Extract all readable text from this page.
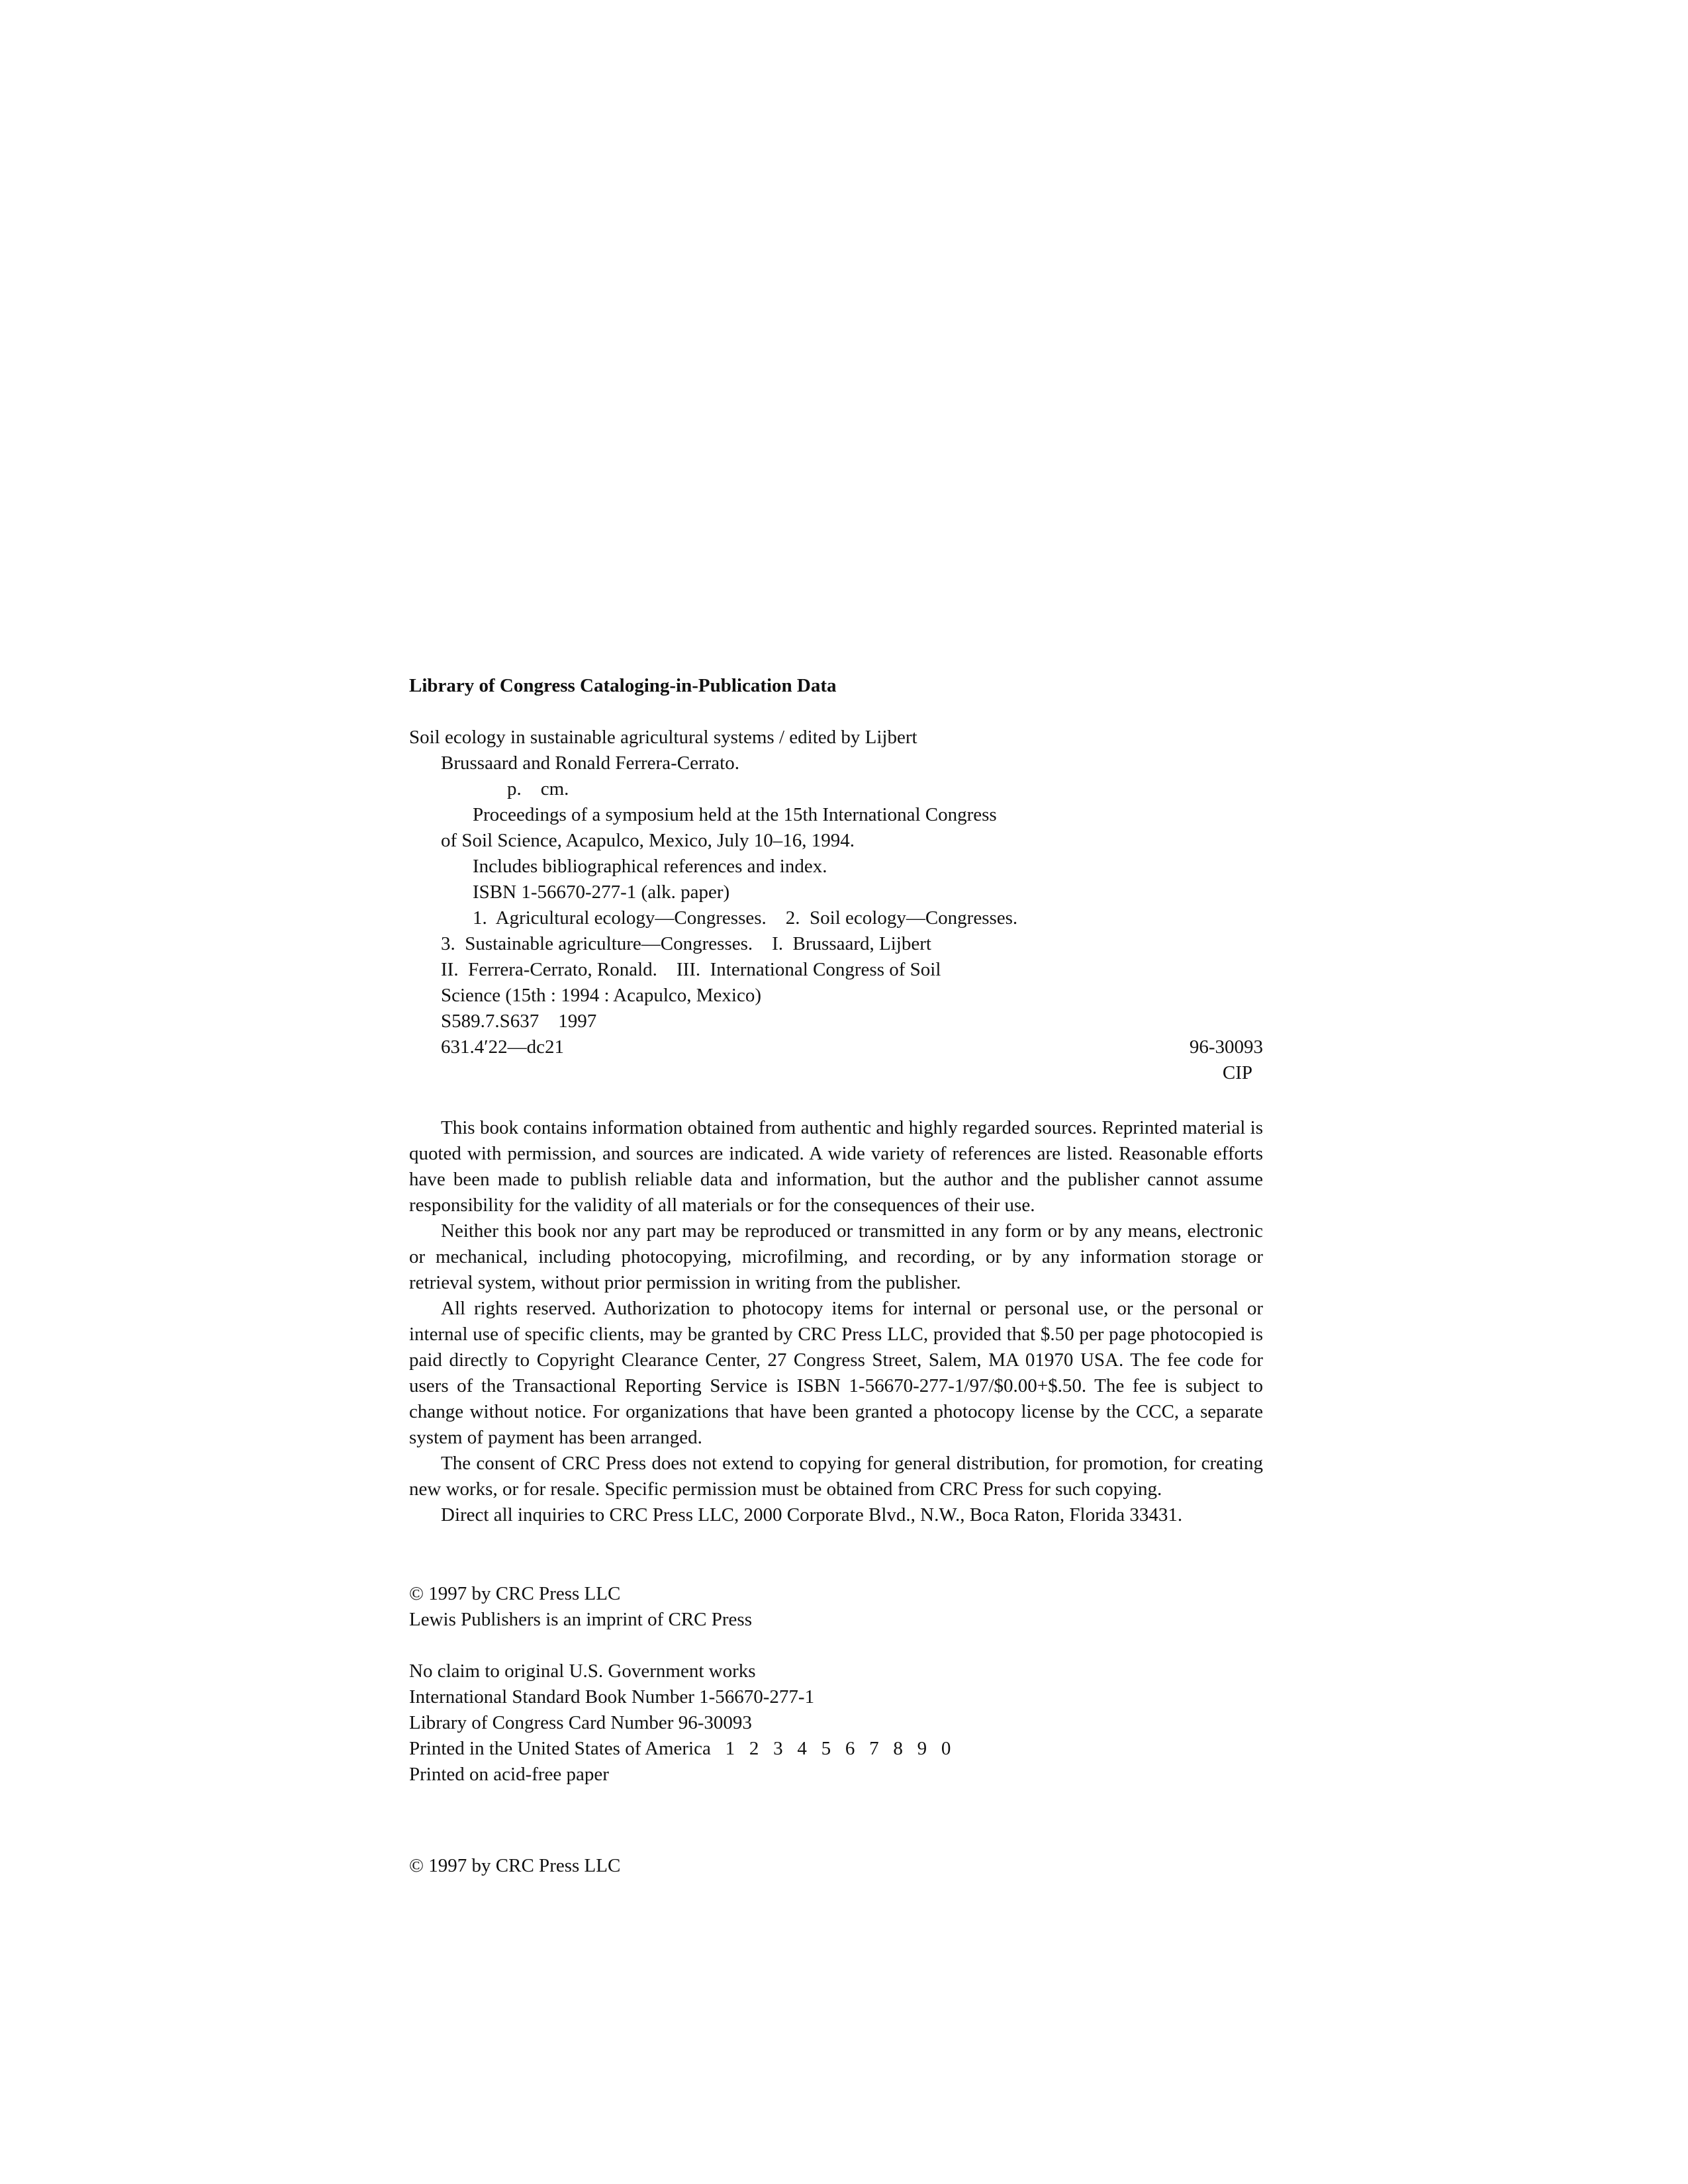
Library of Congress Cataloging-in-Publication Data
Soil ecology in sustainable agricultural systems / edited by Lijbert
Brussaard and Ronald Ferrera-Cerrato.
p.    cm.
Proceedings of a symposium held at the 15th International Congress
of Soil Science, Acapulco, Mexico, July 10–16, 1994.
Includes bibliographical references and index.
ISBN 1-56670-277-1 (alk. paper)
1.  Agricultural ecology—Congresses.    2.  Soil ecology—Congresses.
3.  Sustainable agriculture—Congresses.    I.  Brussaard, Lijbert
II.  Ferrera-Cerrato, Ronald.    III.  International Congress of Soil
Science (15th : 1994 : Acapulco, Mexico)
S589.7.S637    1997
631.4′22—dc21	96-30093
CIP

This book contains information obtained from authentic and highly regarded sources. Reprinted material is quoted with permission, and sources are indicated. A wide variety of references are listed. Reasonable efforts have been made to publish reliable data and information, but the author and the publisher cannot assume responsibility for the validity of all materials or for the consequences of their use.

Neither this book nor any part may be reproduced or transmitted in any form or by any means, electronic or mechanical, including photocopying, microfilming, and recording, or by any information storage or retrieval system, without prior permission in writing from the publisher.

All rights reserved. Authorization to photocopy items for internal or personal use, or the personal or internal use of specific clients, may be granted by CRC Press LLC, provided that $.50 per page photocopied is paid directly to Copyright Clearance Center, 27 Congress Street, Salem, MA 01970 USA. The fee code for users of the Transactional Reporting Service is ISBN 1-56670-277-1/97/$0.00+$.50. The fee is subject to change without notice. For organizations that have been granted a photocopy license by the CCC, a separate system of payment has been arranged.

The consent of CRC Press does not extend to copying for general distribution, for promotion, for creating new works, or for resale. Specific permission must be obtained from CRC Press for such copying.

Direct all inquiries to CRC Press LLC, 2000 Corporate Blvd., N.W., Boca Raton, Florida 33431.

© 1997 by CRC Press LLC
Lewis Publishers is an imprint of CRC Press
No claim to original U.S. Government works
International Standard Book Number 1-56670-277-1
Library of Congress Card Number 96-30093
Printed in the United States of America   1   2   3   4   5   6   7   8   9   0
Printed on acid-free paper
© 1997 by CRC Press LLC
